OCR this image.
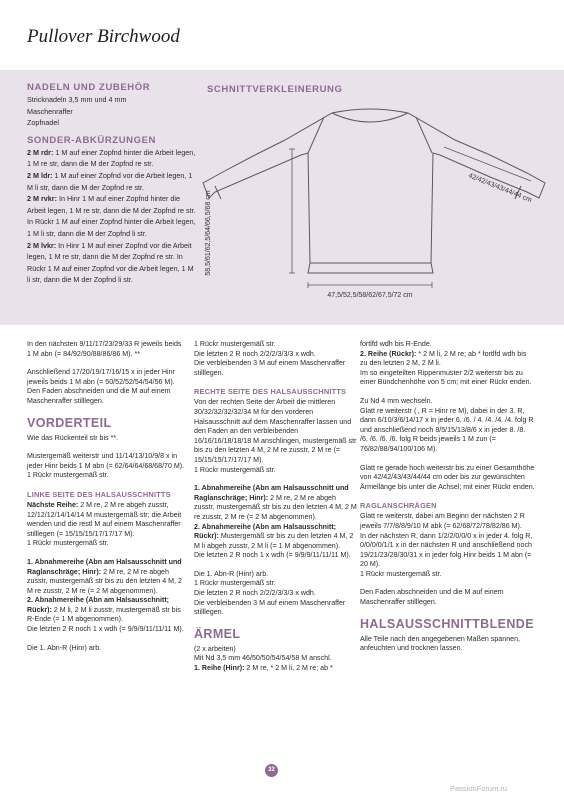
Pullover Birchwood
NADELN UND ZUBEHÖR

Stricknadeln 3,5 mm und 4 mm

Maschenraffer

Zopfnadel

SONDER-ABKÜRZUNGEN

2 M rdr: 1 M auf einer Zopfnd hinter die Arbeit legen, 1 M re str, dann die M der Zopfnd re str.

2 M ldr: 1 M auf einer Zopfnd vor die Arbeit legen, 1 M li str, dann die M der Zopfnd re str.

2 M rvkr: In Hinr 1 M auf einer Zopfnd hinter die Arbeit legen, 1 M re str, dann die M der Zopfnd re str. In Rückr 1 M auf einer Zopfnd hinter die Arbeit legen, 1 M li str, dann die M der Zopfnd li str.

2 M lvkr: In Hinr 1 M auf einer Zopfnd vor die Arbeit legen, 1 M re str, dann die M der Zopfnd re str. In Rückr 1 M auf einer Zopfnd vor die Arbeit legen, 1 M li str, dann die M der Zopfnd li str.

SCHNITTVERKLEINERUNG
58,5/61/62,5/64/66,5/68 cm
47,5/52,5/58/62/67,5/72 cm
42/42/43/43/44/44 cm

In den nächsten 9/11/17/23/29/33 R jeweils beids 1 M abn (= 84/92/90/88/86/86 M). **

Anschließend 17/20/19/17/16/15 x in jeder Hinr jeweils beids 1 M abn (= 50/52/52/54/54/56 M).

Den Faden abschneiden und die M auf einem Maschenraffer stilllegen.

VORDERTEIL

Wie das Rückenteil str bis **.

Mustergemäß weiterstr und 11/14/13/10/9/8 x in jeder Hinr beids 1 M abn (= 62/64/64/68/68/70 M).

1 Rückr mustergemäß str.

LINKE SEITE DES HALSAUSSCHNITTS

Nächste Reihe: 2 M re, 2 M re abgeh zusstr, 12/12/12/14/14/14 M mustergemäß str; die Arbeit wenden und die restl M auf einem Maschenraffer stilllegen (= 15/15/15/17/17/17 M).

1 Rückr mustergemäß str.

1. Abnahmereihe (Abn am Halsausschnitt und Raglanschräge; Hinr): 2 M re, 2 M re abgeh zusstr, mustergemäß str bis zu den letzten 4 M, 2 M re zusstr, 2 M re (= 2 M abgenommen).

2. Abnahmereihe (Abn am Halsausschnitt; Rückr): 2 M li, 2 M li zusstr, mustergemäß str bis R-Ende (= 1 M abgenommen).

Die letzten 2 R noch 1 x wdh (= 9/9/9/11/11/11 M).

Die 1. Abn-R (Hinr) arb.

1 Rückr mustergemäß str.

Die letzten 2 R noch 2/2/2/3/3/3 x wdh.

Die verbleibenden 3 M auf einem Maschenraffer stilllegen.

RECHTE SEITE DES HALSAUSSCHNITTS

Von der rechten Seite der Arbeit die mittleren 30/32/32/32/32/34 M für den vorderen Halsausschnitt auf dem Maschenraffer lassen und den Faden an den verbleibenden 16/16/16/18/18/18 M anschlingen, mustergemäß str bis zu den letzten 4 M, 2 M re zusstr, 2 M re (= 15/15/15/17/17/17 M).

1 Rückr mustergemäß str.

1. Abnahmereihe (Abn am Halsausschnitt und Raglanschräge; Hinr): 2 M re, 2 M re abgeh zusstr, mustergemäß str bis zu den letzten 4 M, 2 M re zusstr, 2 M re (= 2 M abgenommen).

2. Abnahmereihe (Abn am Halsausschnitt; Rückr): Mustergemäß str bis zu den letzten 4 M, 2 M li abgeh zusstr, 2 M li (= 1 M abgenommen).

Die letzten 2 R noch 1 x wdh (= 9/9/9/11/11/11 M).

Die 1. Abn-R (Hinr) arb.

1 Rückr mustergemäß str.

Die letzten 2 R noch 2/2/2/3/3/3 x wdh.

Die verbleibenden 3 M auf einem Maschenraffer stilllegen.

ÄRMEL

(2 x arbeiten)

Mit Nd 3,5 mm 46/50/50/54/54/58 M anschl.

1. Reihe (Hinr): 2 M re, * 2 M li, 2 M re; ab *

fortlfd wdh bis R-Ende.

2. Reihe (Rückr): * 2 M li, 2 M re; ab * fortlfd wdh bis zu den letzten 2 M, 2 M li.

Im so eingeteilten Rippenmuster 2/2 weiterstr bis zu einer Bündchenhöhe von 5 cm; mit einer Rückr enden.

Zu Nd 4 mm wechseln.

Glatt re weiterstr ( , R = Hinr re M), dabei in der 3. R, dann 6/10/3/6/14/17 x in jeder 6. /6. / 4. /4. /4. /4. folg R und anschließend noch 8/5/15/13/8/6 x in jeder 8. /8. /6. /6. /6. /6. folg R beids jeweils 1 M zun (= 76/82/88/94/100/106 M).

Glatt re gerade hoch weiterstr bis zu einer Gesamthöhe von 42/42/43/43/44/44 cm oder bis zur gewünschten Ärmellänge bis unter die Achsel; mit einer Rückr enden.

RAGLANSCHRÄGEN

Glatt re weiterstr, dabei am Beginn der nächsten 2 R jeweils 7/7/8/8/9/10 M abk (= 62/68/72/78/82/86 M).

In der nächsten R, dann 1/2/2/0/0/0 x in jeder 4. folg R, 0/0/0/0/1/1 x in der nächsten R und anschließend noch 19/21/23/28/30/31 x in jeder folg Hinr beids 1 M abn (= 20 M).

1 Rückr mustergemäß str.

Den Faden abschneiden und die M auf einem Maschenraffer stilllegen.

HALSAUSSCHNITTBLENDE

Alle Teile nach den angegebenen Maßen spannen, anfeuchten und trocknen lassen.

32
PassionForum.ru
